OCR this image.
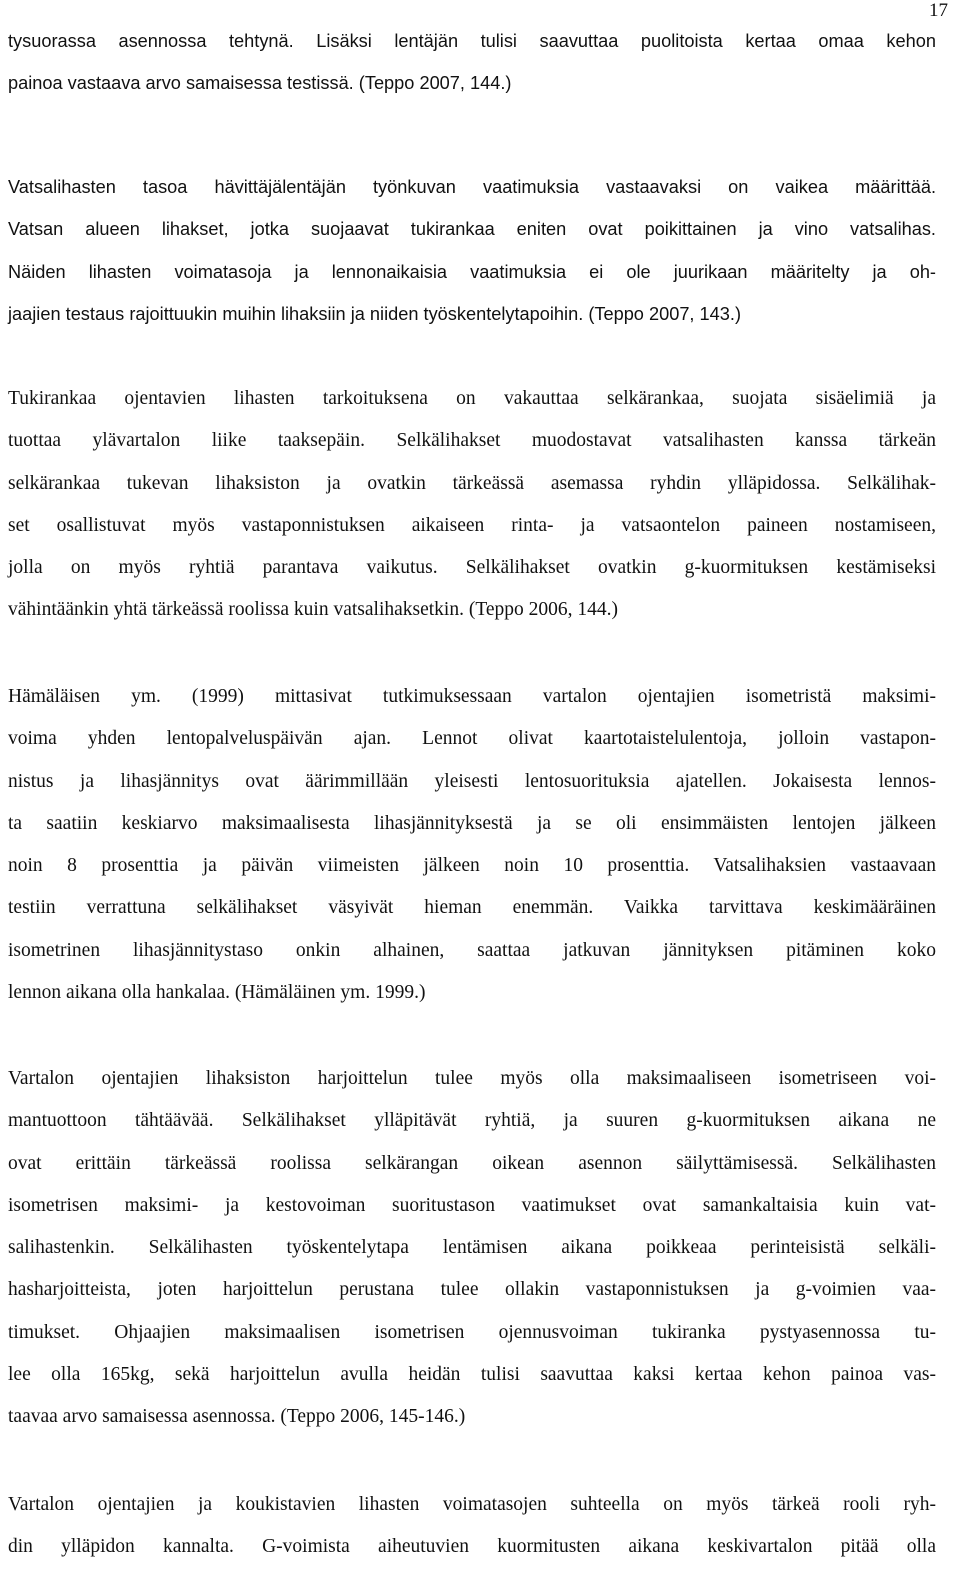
17
tysuorassa asennossa tehtynä. Lisäksi lentäjän tulisi saavuttaa puolitoista kertaa omaa kehon
painoa vastaava arvo samaisessa testissä. (Teppo 2007, 144.)
Vatsalihasten tasoa hävittäjälentäjän työnkuvan vaatimuksia vastaavaksi on vaikea määrittää.
Vatsan alueen lihakset, jotka suojaavat tukirankaa eniten ovat poikittainen ja vino vatsalihas.
Näiden lihasten voimatasoja ja lennonaikaisia vaatimuksia ei ole juurikaan määritelty ja oh-
jaajien testaus rajoittuukin muihin lihaksiin ja niiden työskentelytapoihin. (Teppo 2007, 143.)
Tukirankaa ojentavien lihasten tarkoituksena on vakauttaa selkärankaa, suojata sisäelimiä ja
tuottaa ylävartalon liike taaksepäin. Selkälihakset muodostavat vatsalihasten kanssa tärkeän
selkärankaa tukevan lihaksiston ja ovatkin tärkeässä asemassa ryhdin ylläpidossa. Selkälihak-
set osallistuvat myös vastaponnistuksen aikaiseen rinta- ja vatsaontelon paineen nostamiseen,
jolla on myös ryhtiä parantava vaikutus. Selkälihakset ovatkin g-kuormituksen kestämiseksi
vähintäänkin yhtä tärkeässä roolissa kuin vatsalihaksetkin. (Teppo 2006, 144.)
Hämäläisen ym. (1999) mittasivat tutkimuksessaan vartalon ojentajien isometristä maksimi-
voima yhden lentopalveluspäivän ajan. Lennot olivat kaartotaistelulentoja, jolloin vastapon-
nistus ja lihasjännitys ovat äärimmillään yleisesti lentosuorituksia ajatellen. Jokaisesta lennos-
ta saatiin keskiarvo maksimaalisesta lihasjännityksestä ja se oli ensimmäisten lentojen jälkeen
noin 8 prosenttia ja päivän viimeisten jälkeen noin 10 prosenttia. Vatsalihaksien vastaavaan
testiin verrattuna selkälihakset väsyivät hieman enemmän. Vaikka tarvittava keskimääräinen
isometrinen lihasjännitystaso onkin alhainen, saattaa jatkuvan jännityksen pitäminen koko
lennon aikana olla hankalaa. (Hämäläinen ym. 1999.)
Vartalon ojentajien lihaksiston harjoittelun tulee myös olla maksimaaliseen isometriseen voi-
mantuottoon tähtäävää. Selkälihakset ylläpitävät ryhtiä, ja suuren g-kuormituksen aikana ne
ovat erittäin tärkeässä roolissa selkärangan oikean asennon säilyttämisessä. Selkälihasten
isometrisen maksimi- ja kestovoiman suoritustason vaatimukset ovat samankaltaisia kuin vat-
salihastenkin. Selkälihasten työskentelytapa lentämisen aikana poikkeaa perinteisistä selkäli-
hasharjoitteista, joten harjoittelun perustana tulee ollakin vastaponnistuksen ja g-voimien vaa-
timukset. Ohjaajien maksimaalisen isometrisen ojennusvoiman tukiranka pystyasennossa tu-
lee olla 165kg, sekä harjoittelun avulla heidän tulisi saavuttaa kaksi kertaa kehon painoa vas-
taavaa arvo samaisessa asennossa. (Teppo 2006, 145-146.)
Vartalon ojentajien ja koukistavien lihasten voimatasojen suhteella on myös tärkeä rooli ryh-
din ylläpidon kannalta. G-voimista aiheutuvien kuormitusten aikana keskivartalon pitää olla
